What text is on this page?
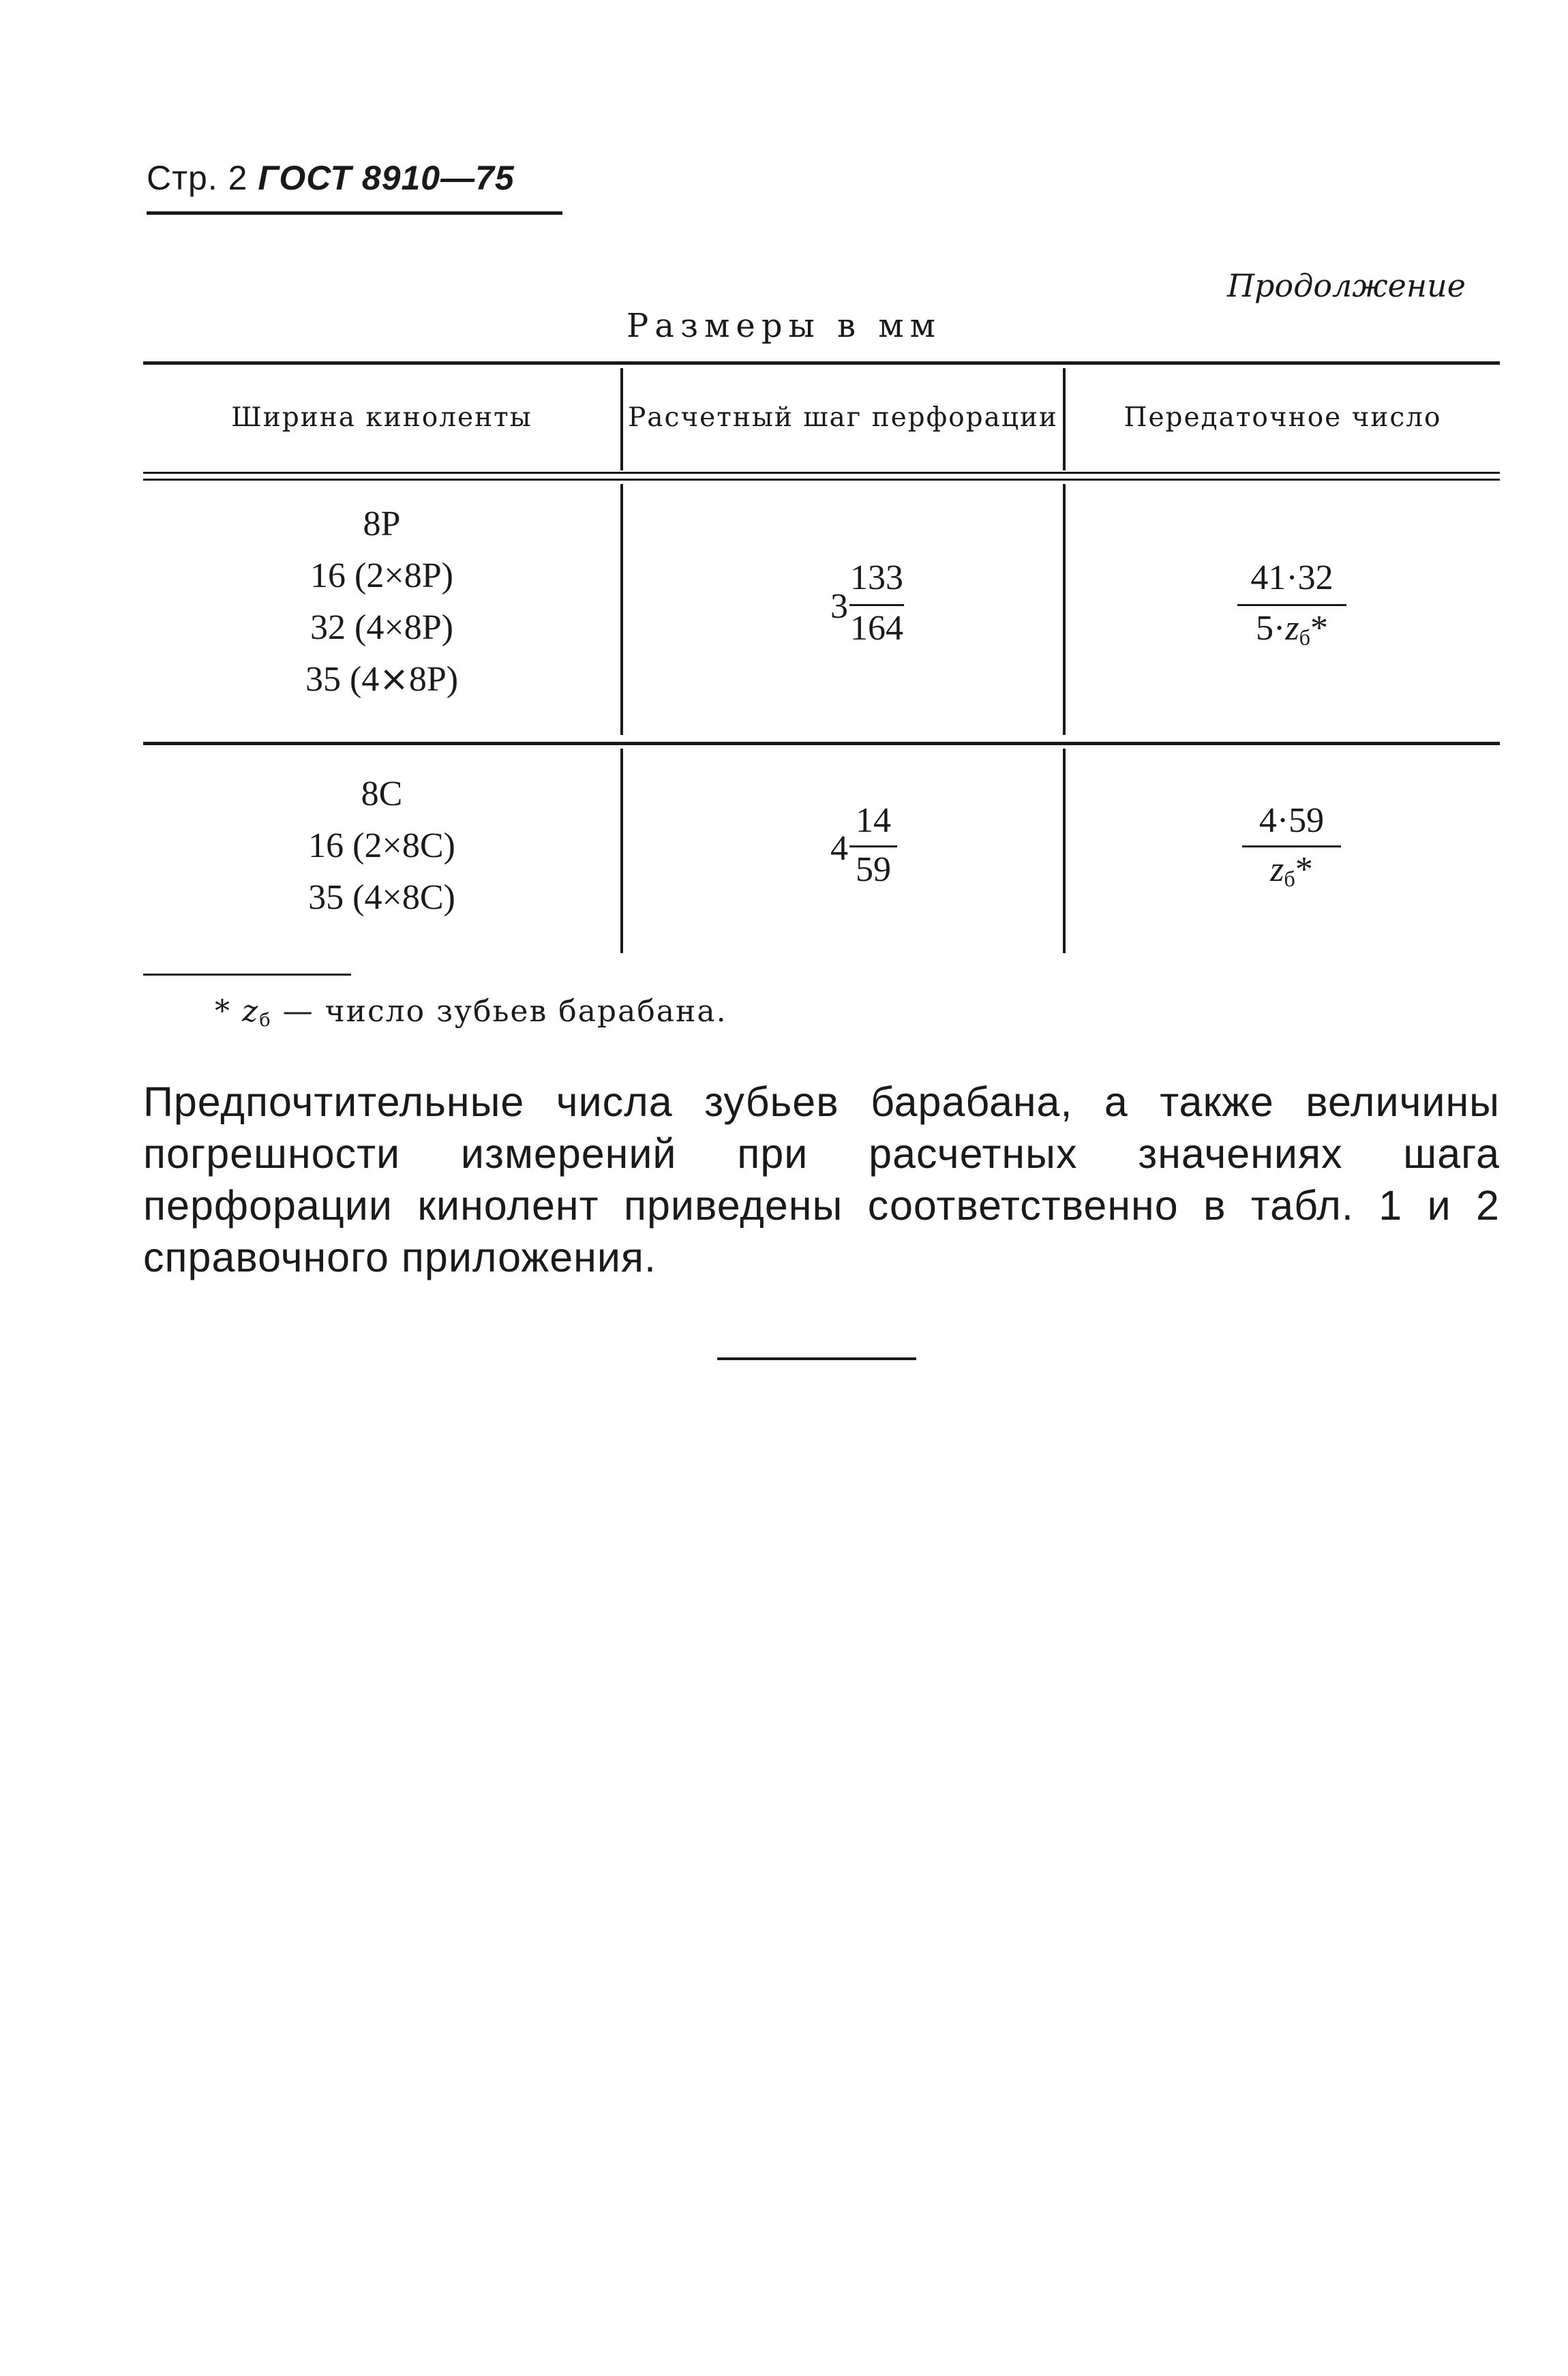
Стр. 2 ГОСТ 8910—75
Продолжение
Размеры в мм
Ширина киноленты	Расчетный шаг перфорации	Передаточное число
8Р
16 (2×8Р)
32 (4×8Р)
35 (4⨯8Р)
3
133
164
41·32
$5\cdot z_б*$
8С
16 (2×8С)
35 (4×8С)
4
14
59
4·59
$z_б*$
* $z_б$ — число зубьев барабана.
Предпочтительные числа зубьев барабана, а также величины погрешности измерений при расчетных значениях шага перфорации кинолент приведены соответственно в табл. 1 и 2 справочного приложения.
